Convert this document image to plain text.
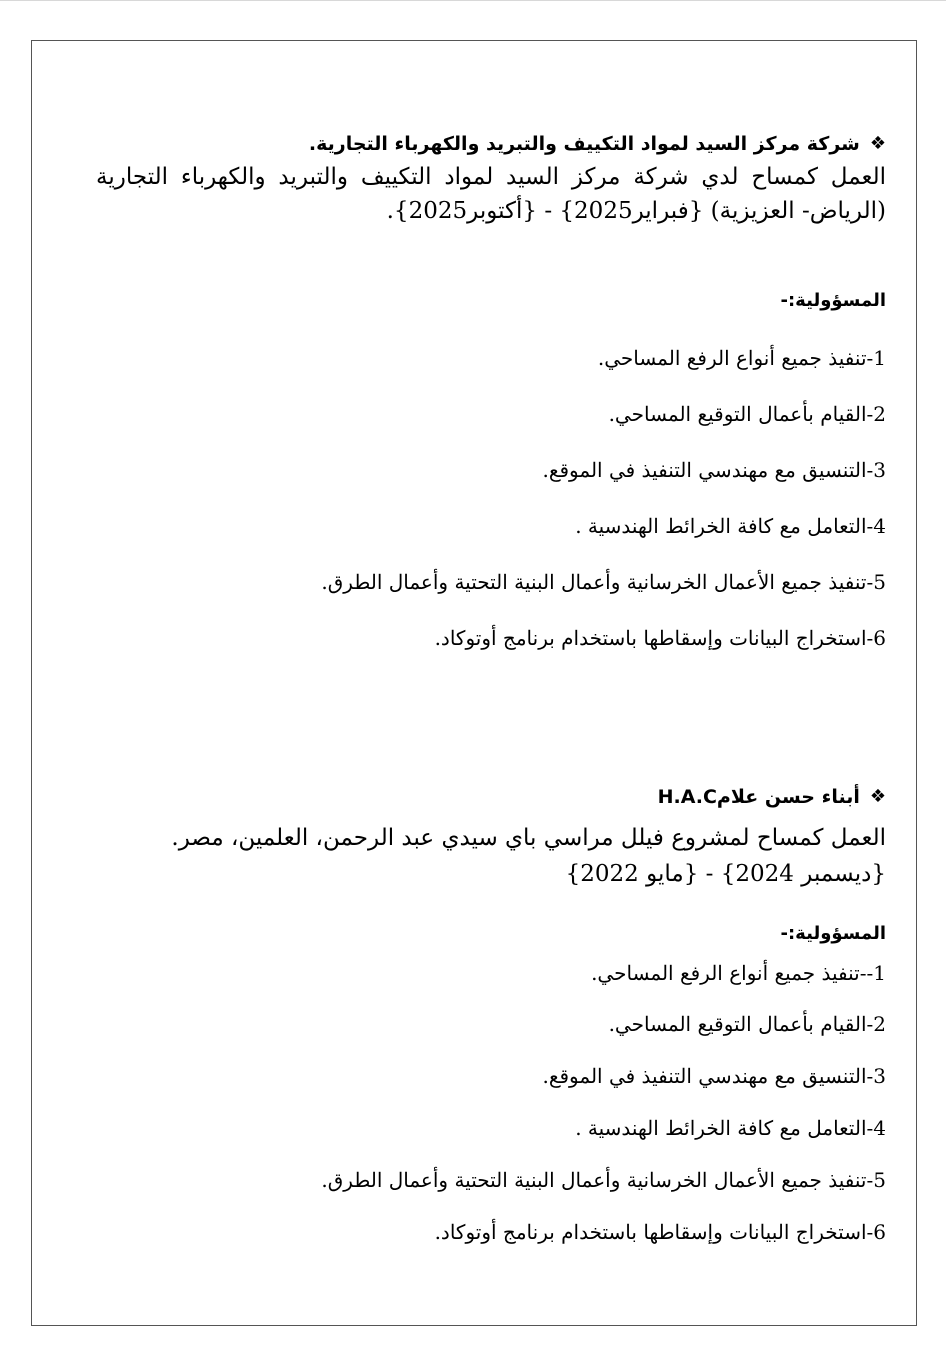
❖
شركة مركز السيد لمواد التكييف والتبريد والكهرباء التجارية.
العمل كمساح لدي شركة مركز السيد لمواد التكييف والتبريد والكهرباء التجارية
(الرياض- العزيزية) {فبراير2025} - {أكتوبر2025}.
المسؤولية:-
1-تنفيذ جميع أنواع الرفع المساحي.
2-القيام بأعمال التوقيع المساحي.
3-التنسيق مع مهندسي التنفيذ في الموقع.
4-التعامل مع كافة الخرائط الهندسية .
5-تنفيذ جميع الأعمال الخرسانية وأعمال البنية التحتية وأعمال الطرق.
6-استخراج البيانات وإسقاطها باستخدام برنامج أوتوكاد.
❖
أبناء حسن علامH.A.C
العمل كمساح لمشروع فيلل مراسي باي سيدي عبد الرحمن، العلمين، مصر.
{مايو 2022} - {ديسمبر 2024}
المسؤولية:-
1--تنفيذ جميع أنواع الرفع المساحي.
2-القيام بأعمال التوقيع المساحي.
3-التنسيق مع مهندسي التنفيذ في الموقع.
4-التعامل مع كافة الخرائط الهندسية .
5-تنفيذ جميع الأعمال الخرسانية وأعمال البنية التحتية وأعمال الطرق.
6-استخراج البيانات وإسقاطها باستخدام برنامج أوتوكاد.
